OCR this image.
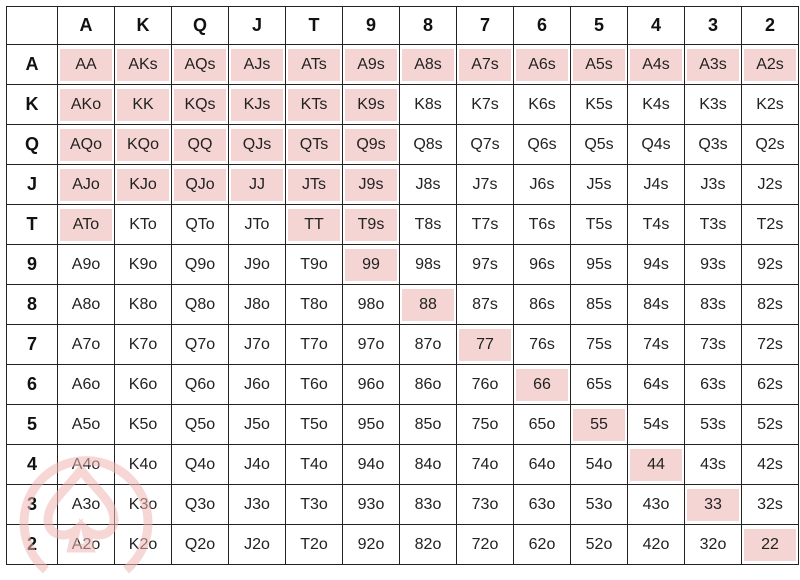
	A	K	Q	J	T	9	8	7	6	5	4	3	2
A	AA	AKs	AQs	AJs	ATs	A9s	A8s	A7s	A6s	A5s	A4s	A3s	A2s
K	AKo	KK	KQs	KJs	KTs	K9s	K8s	K7s	K6s	K5s	K4s	K3s	K2s
Q	AQo	KQo	QQ	QJs	QTs	Q9s	Q8s	Q7s	Q6s	Q5s	Q4s	Q3s	Q2s
J	AJo	KJo	QJo	JJ	JTs	J9s	J8s	J7s	J6s	J5s	J4s	J3s	J2s
T	ATo	KTo	QTo	JTo	TT	T9s	T8s	T7s	T6s	T5s	T4s	T3s	T2s
9	A9o	K9o	Q9o	J9o	T9o	99	98s	97s	96s	95s	94s	93s	92s
8	A8o	K8o	Q8o	J8o	T8o	98o	88	87s	86s	85s	84s	83s	82s
7	A7o	K7o	Q7o	J7o	T7o	97o	87o	77	76s	75s	74s	73s	72s
6	A6o	K6o	Q6o	J6o	T6o	96o	86o	76o	66	65s	64s	63s	62s
5	A5o	K5o	Q5o	J5o	T5o	95o	85o	75o	65o	55	54s	53s	52s
4	A4o	K4o	Q4o	J4o	T4o	94o	84o	74o	64o	54o	44	43s	42s
3	A3o	K3o	Q3o	J3o	T3o	93o	83o	73o	63o	53o	43o	33	32s
2	A2o	K2o	Q2o	J2o	T2o	92o	82o	72o	62o	52o	42o	32o	22
